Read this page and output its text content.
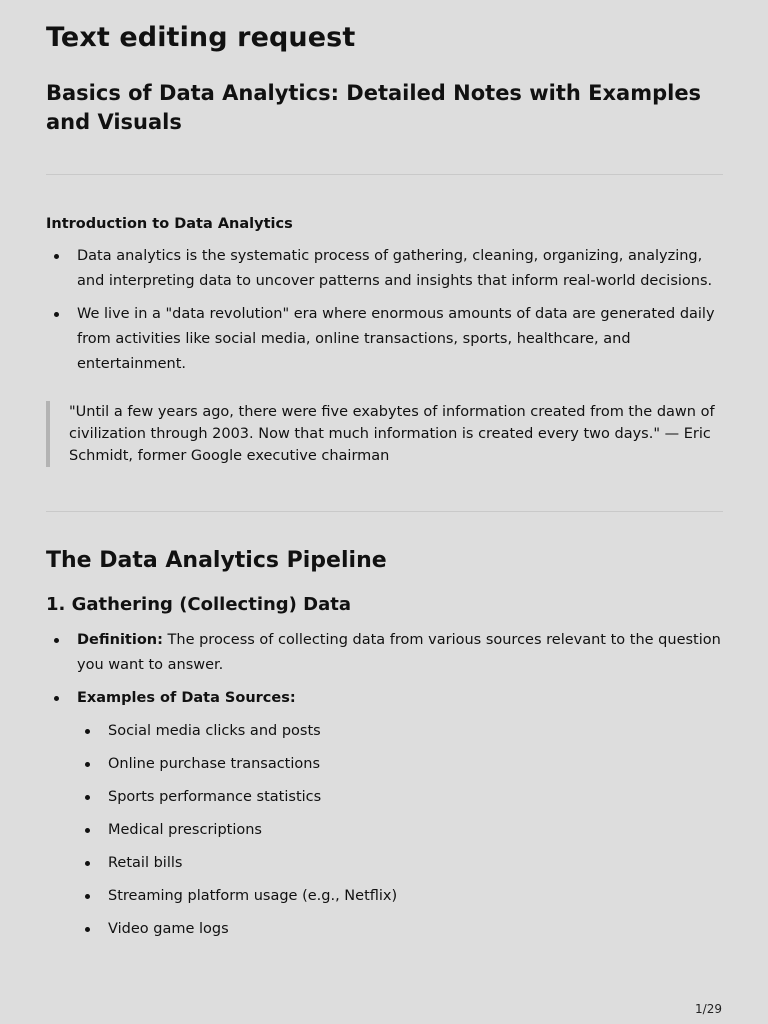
Text editing request
Basics of Data Analytics: Detailed Notes with Examples and Visuals

Introduction to Data Analytics

Data analytics is the systematic process of gathering, cleaning, organizing, analyzing, and interpreting data to uncover patterns and insights that inform real-world decisions.
We live in a "data revolution" era where enormous amounts of data are generated daily from activities like social media, online transactions, sports, healthcare, and entertainment.
"Until a few years ago, there were five exabytes of information created from the dawn of civilization through 2003. Now that much information is created every two days." — Eric Schmidt, former Google executive chairman
The Data Analytics Pipeline
1. Gathering (Collecting) Data
Definition: The process of collecting data from various sources relevant to the question you want to answer.
Examples of Data Sources:
Social media clicks and posts
Online purchase transactions
Sports performance statistics
Medical prescriptions
Retail bills
Streaming platform usage (e.g., Netflix)
Video game logs
1/29
